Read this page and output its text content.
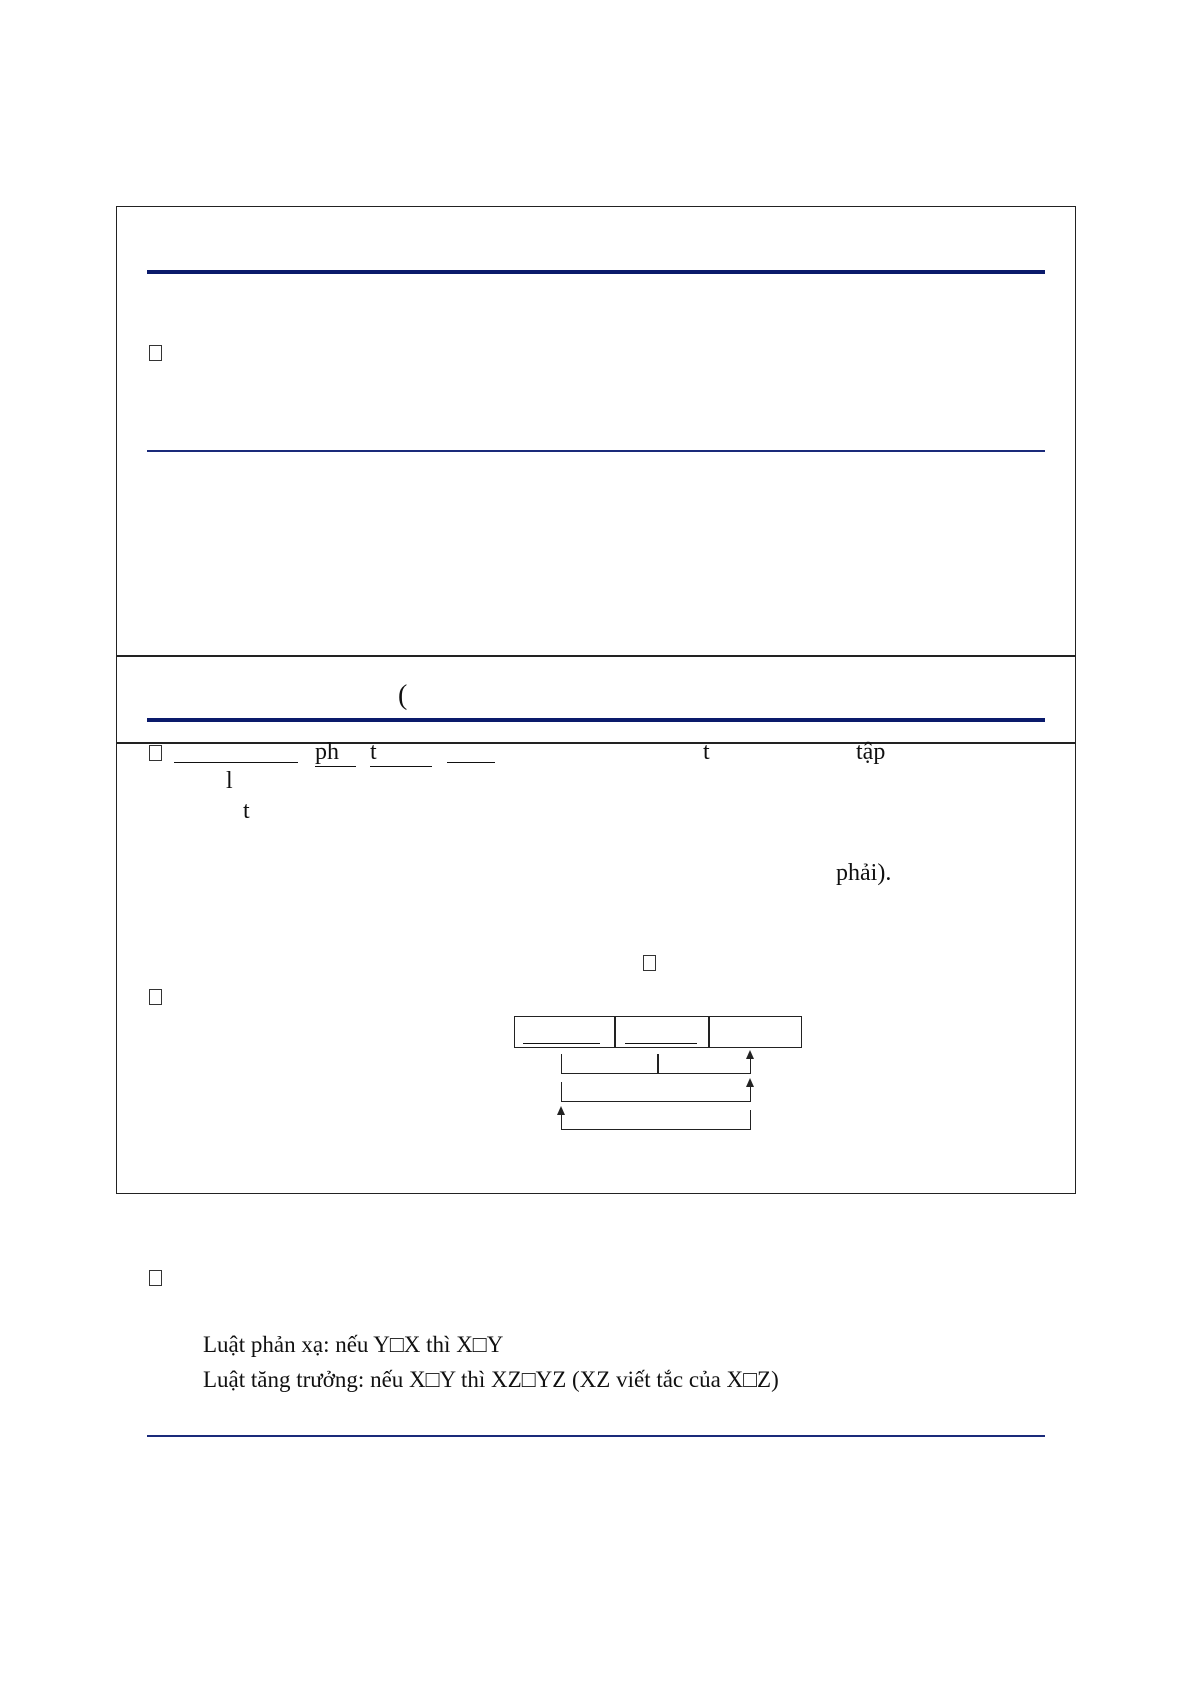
(
ph	t	t	tập
l
t
phải).
Luật phản xạ: nếu Y□X thì X□Y
Luật tăng trưởng: nếu X□Y thì XZ□YZ (XZ viết tắc của X□Z)
